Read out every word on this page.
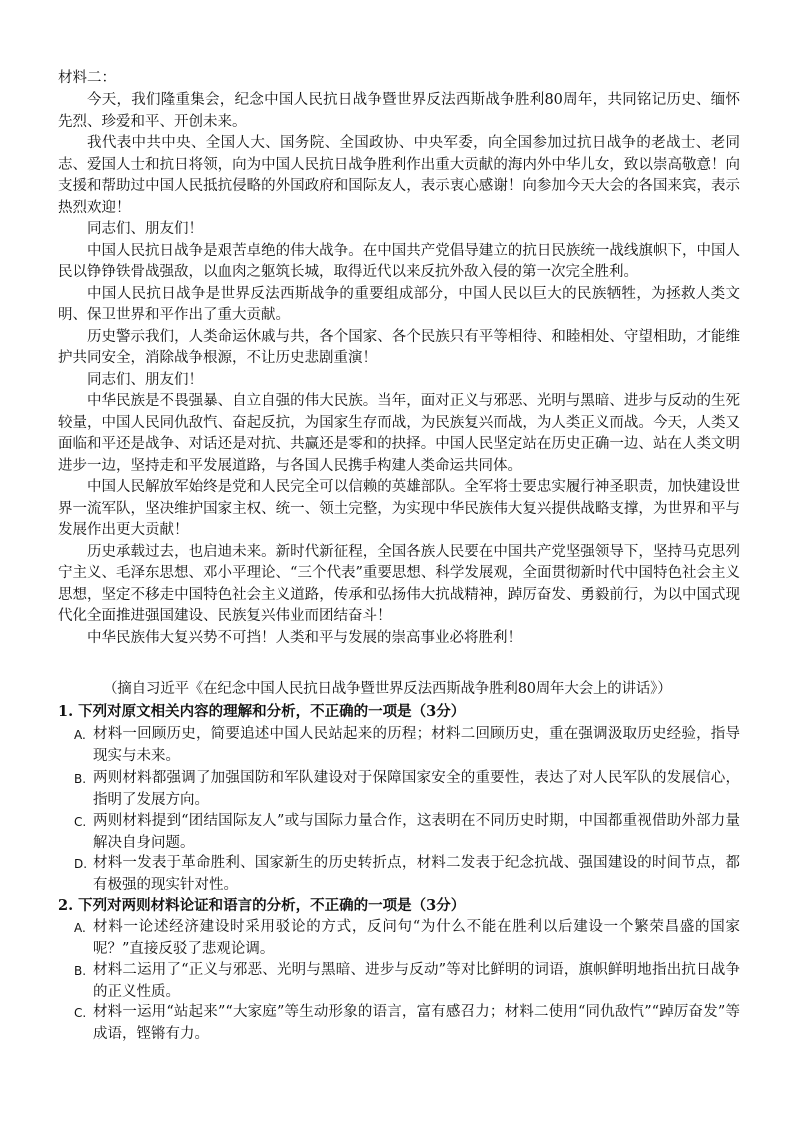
材料二：

今天，我们隆重集会，纪念中国人民抗日战争暨世界反法西斯战争胜利80周年，共同铭记历史、缅怀先烈、珍爱和平、开创未来。

我代表中共中央、全国人大、国务院、全国政协、中央军委，向全国参加过抗日战争的老战士、老同志、爱国人士和抗日将领，向为中国人民抗日战争胜利作出重大贡献的海内外中华儿女，致以崇高敬意！向支援和帮助过中国人民抵抗侵略的外国政府和国际友人，表示衷心感谢！向参加今天大会的各国来宾，表示热烈欢迎！

同志们、朋友们！

中国人民抗日战争是艰苦卓绝的伟大战争。在中国共产党倡导建立的抗日民族统一战线旗帜下，中国人民以铮铮铁骨战强敌，以血肉之躯筑长城，取得近代以来反抗外敌入侵的第一次完全胜利。

中国人民抗日战争是世界反法西斯战争的重要组成部分，中国人民以巨大的民族牺牲，为拯救人类文明、保卫世界和平作出了重大贡献。

历史警示我们，人类命运休戚与共，各个国家、各个民族只有平等相待、和睦相处、守望相助，才能维护共同安全，消除战争根源，不让历史悲剧重演！

同志们、朋友们！

中华民族是不畏强暴、自立自强的伟大民族。当年，面对正义与邪恶、光明与黑暗、进步与反动的生死较量，中国人民同仇敌忾、奋起反抗，为国家生存而战，为民族复兴而战，为人类正义而战。今天，人类又面临和平还是战争、对话还是对抗、共赢还是零和的抉择。中国人民坚定站在历史正确一边、站在人类文明进步一边，坚持走和平发展道路，与各国人民携手构建人类命运共同体。

中国人民解放军始终是党和人民完全可以信赖的英雄部队。全军将士要忠实履行神圣职责，加快建设世界一流军队，坚决维护国家主权、统一、领土完整，为实现中华民族伟大复兴提供战略支撑，为世界和平与发展作出更大贡献！

历史承载过去，也启迪未来。新时代新征程，全国各族人民要在中国共产党坚强领导下，坚持马克思列宁主义、毛泽东思想、邓小平理论、“三个代表”重要思想、科学发展观，全面贯彻新时代中国特色社会主义思想，坚定不移走中国特色社会主义道路，传承和弘扬伟大抗战精神，踔厉奋发、勇毅前行，为以中国式现代化全面推进强国建设、民族复兴伟业而团结奋斗！

中华民族伟大复兴势不可挡！人类和平与发展的崇高事业必将胜利！

（摘自习近平《在纪念中国人民抗日战争暨世界反法西斯战争胜利80周年大会上的讲话》）
1. 下列对原文相关内容的理解和分析，不正确的一项是（3分）
A. 材料一回顾历史，简要追述中国人民站起来的历程；材料二回顾历史，重在强调汲取历史经验，指导现实与未来。
B. 两则材料都强调了加强国防和军队建设对于保障国家安全的重要性，表达了对人民军队的发展信心，指明了发展方向。
C. 两则材料提到“团结国际友人”或与国际力量合作，这表明在不同历史时期，中国都重视借助外部力量解决自身问题。
D. 材料一发表于革命胜利、国家新生的历史转折点，材料二发表于纪念抗战、强国建设的时间节点，都有极强的现实针对性。
2. 下列对两则材料论证和语言的分析，不正确的一项是（3分）
A. 材料一论述经济建设时采用驳论的方式，反问句“为什么不能在胜利以后建设一个繁荣昌盛的国家呢？”直接反驳了悲观论调。
B. 材料二运用了“正义与邪恶、光明与黑暗、进步与反动”等对比鲜明的词语，旗帜鲜明地指出抗日战争的正义性质。
C. 材料一运用“站起来”“大家庭”等生动形象的语言，富有感召力；材料二使用“同仇敌忾”“踔厉奋发”等成语，铿锵有力。
